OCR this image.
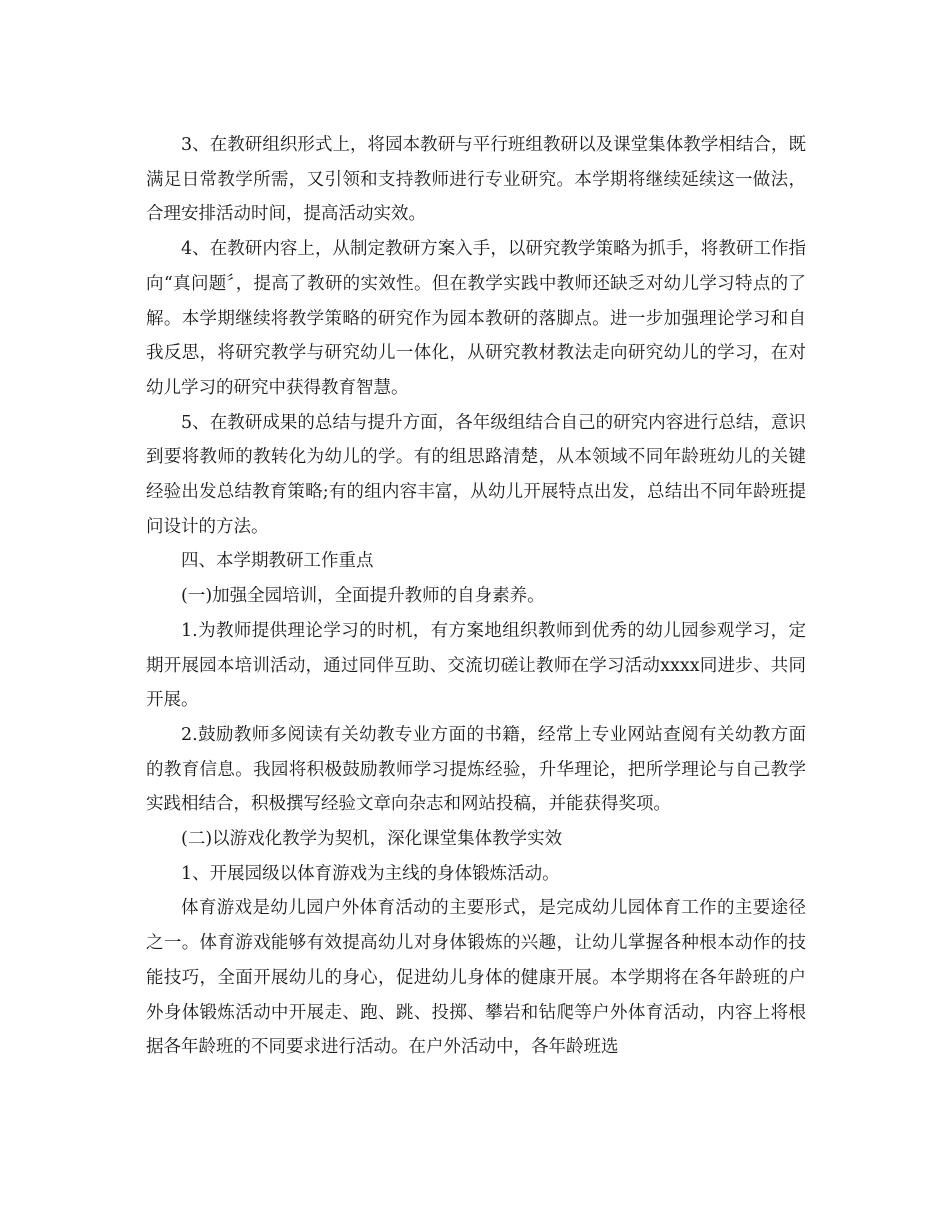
3、在教研组织形式上，将园本教研与平行班组教研以及课堂集体教学相结合，既满足日常教学所需，又引领和支持教师进行专业研究。本学期将继续延续这一做法，合理安排活动时间，提高活动实效。

4、在教研内容上，从制定教研方案入手，以研究教学策略为抓手，将教研工作指向“真问题〞，提高了教研的实效性。但在教学实践中教师还缺乏对幼儿学习特点的了解。本学期继续将教学策略的研究作为园本教研的落脚点。进一步加强理论学习和自我反思，将研究教学与研究幼儿一体化，从研究教材教法走向研究幼儿的学习，在对幼儿学习的研究中获得教育智慧。

5、在教研成果的总结与提升方面，各年级组结合自己的研究内容进行总结，意识到要将教师的教转化为幼儿的学。有的组思路清楚，从本领域不同年龄班幼儿的关键经验出发总结教育策略;有的组内容丰富，从幼儿开展特点出发，总结出不同年龄班提问设计的方法。

四、本学期教研工作重点

(一)加强全园培训，全面提升教师的自身素养。

1.为教师提供理论学习的时机，有方案地组织教师到优秀的幼儿园参观学习，定期开展园本培训活动，通过同伴互助、交流切磋让教师在学习活动xxxx同进步、共同开展。

2.鼓励教师多阅读有关幼教专业方面的书籍，经常上专业网站查阅有关幼教方面的教育信息。我园将积极鼓励教师学习提炼经验，升华理论，把所学理论与自己教学实践相结合，积极撰写经验文章向杂志和网站投稿，并能获得奖项。

(二)以游戏化教学为契机，深化课堂集体教学实效

1、开展园级以体育游戏为主线的身体锻炼活动。

体育游戏是幼儿园户外体育活动的主要形式，是完成幼儿园体育工作的主要途径之一。体育游戏能够有效提高幼儿对身体锻炼的兴趣，让幼儿掌握各种根本动作的技能技巧，全面开展幼儿的身心，促进幼儿身体的健康开展。本学期将在各年龄班的户外身体锻炼活动中开展走、跑、跳、投掷、攀岩和钻爬等户外体育活动，内容上将根据各年龄班的不同要求进行活动。在户外活动中，各年龄班选
